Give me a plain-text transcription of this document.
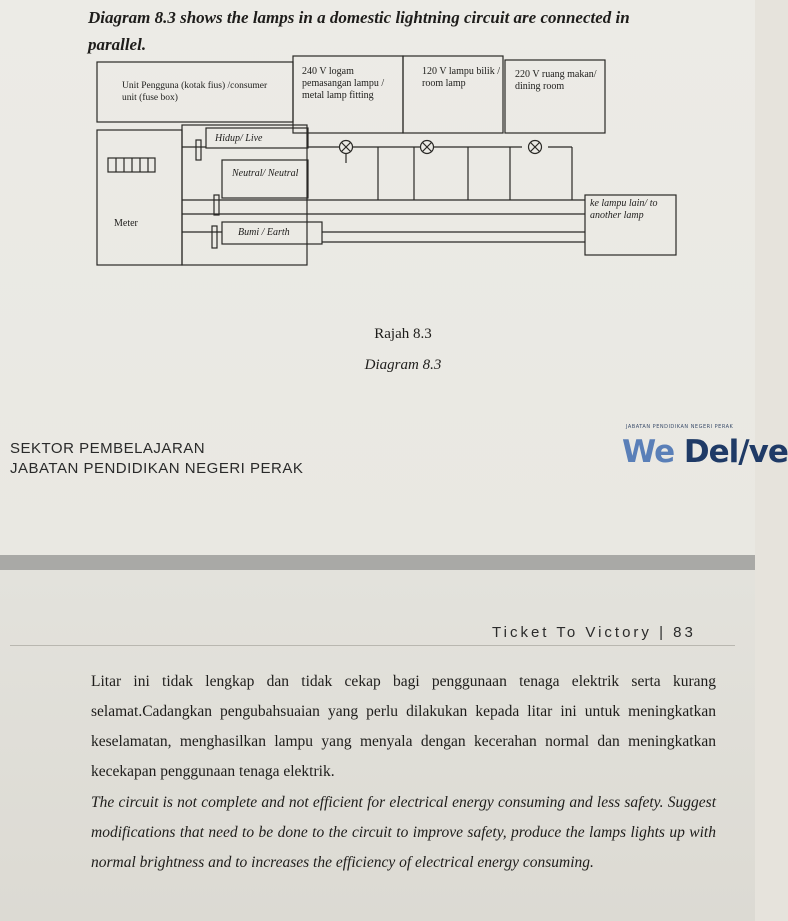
Diagram 8.3 shows the lamps in a domestic lightning circuit are connected in parallel.
Unit Pengguna (kotak fius) /consumer unit (fuse box)
240 V logam pemasangan lampu / metal lamp fitting
120 V lampu bilik / room lamp
220 V ruang makan/ dining room
Hidup/ Live
Neutral/ Neutral
Bumi / Earth
Meter
ke lampu lain/ to another lamp
Rajah 8.3
Diagram 8.3
SEKTOR PEMBELAJARAN
JABATAN PENDIDIKAN NEGERI PERAK
JABATAN PENDIDIKAN NEGERI PERAK
We Del/ve
Ticket To Victory | 83

Litar ini tidak lengkap dan tidak cekap bagi penggunaan tenaga elektrik serta kurang selamat.Cadangkan pengubahsuaian yang perlu dilakukan kepada litar ini untuk meningkatkan keselamatan, menghasilkan lampu yang menyala dengan kecerahan normal dan meningkatkan kecekapan penggunaan tenaga elektrik.

The circuit is not complete and not efficient for electrical energy consuming and less safety. Suggest modifications that need to be done to the circuit to improve safety, produce the lamps lights up with normal brightness and to increases the efficiency of electrical energy consuming.
